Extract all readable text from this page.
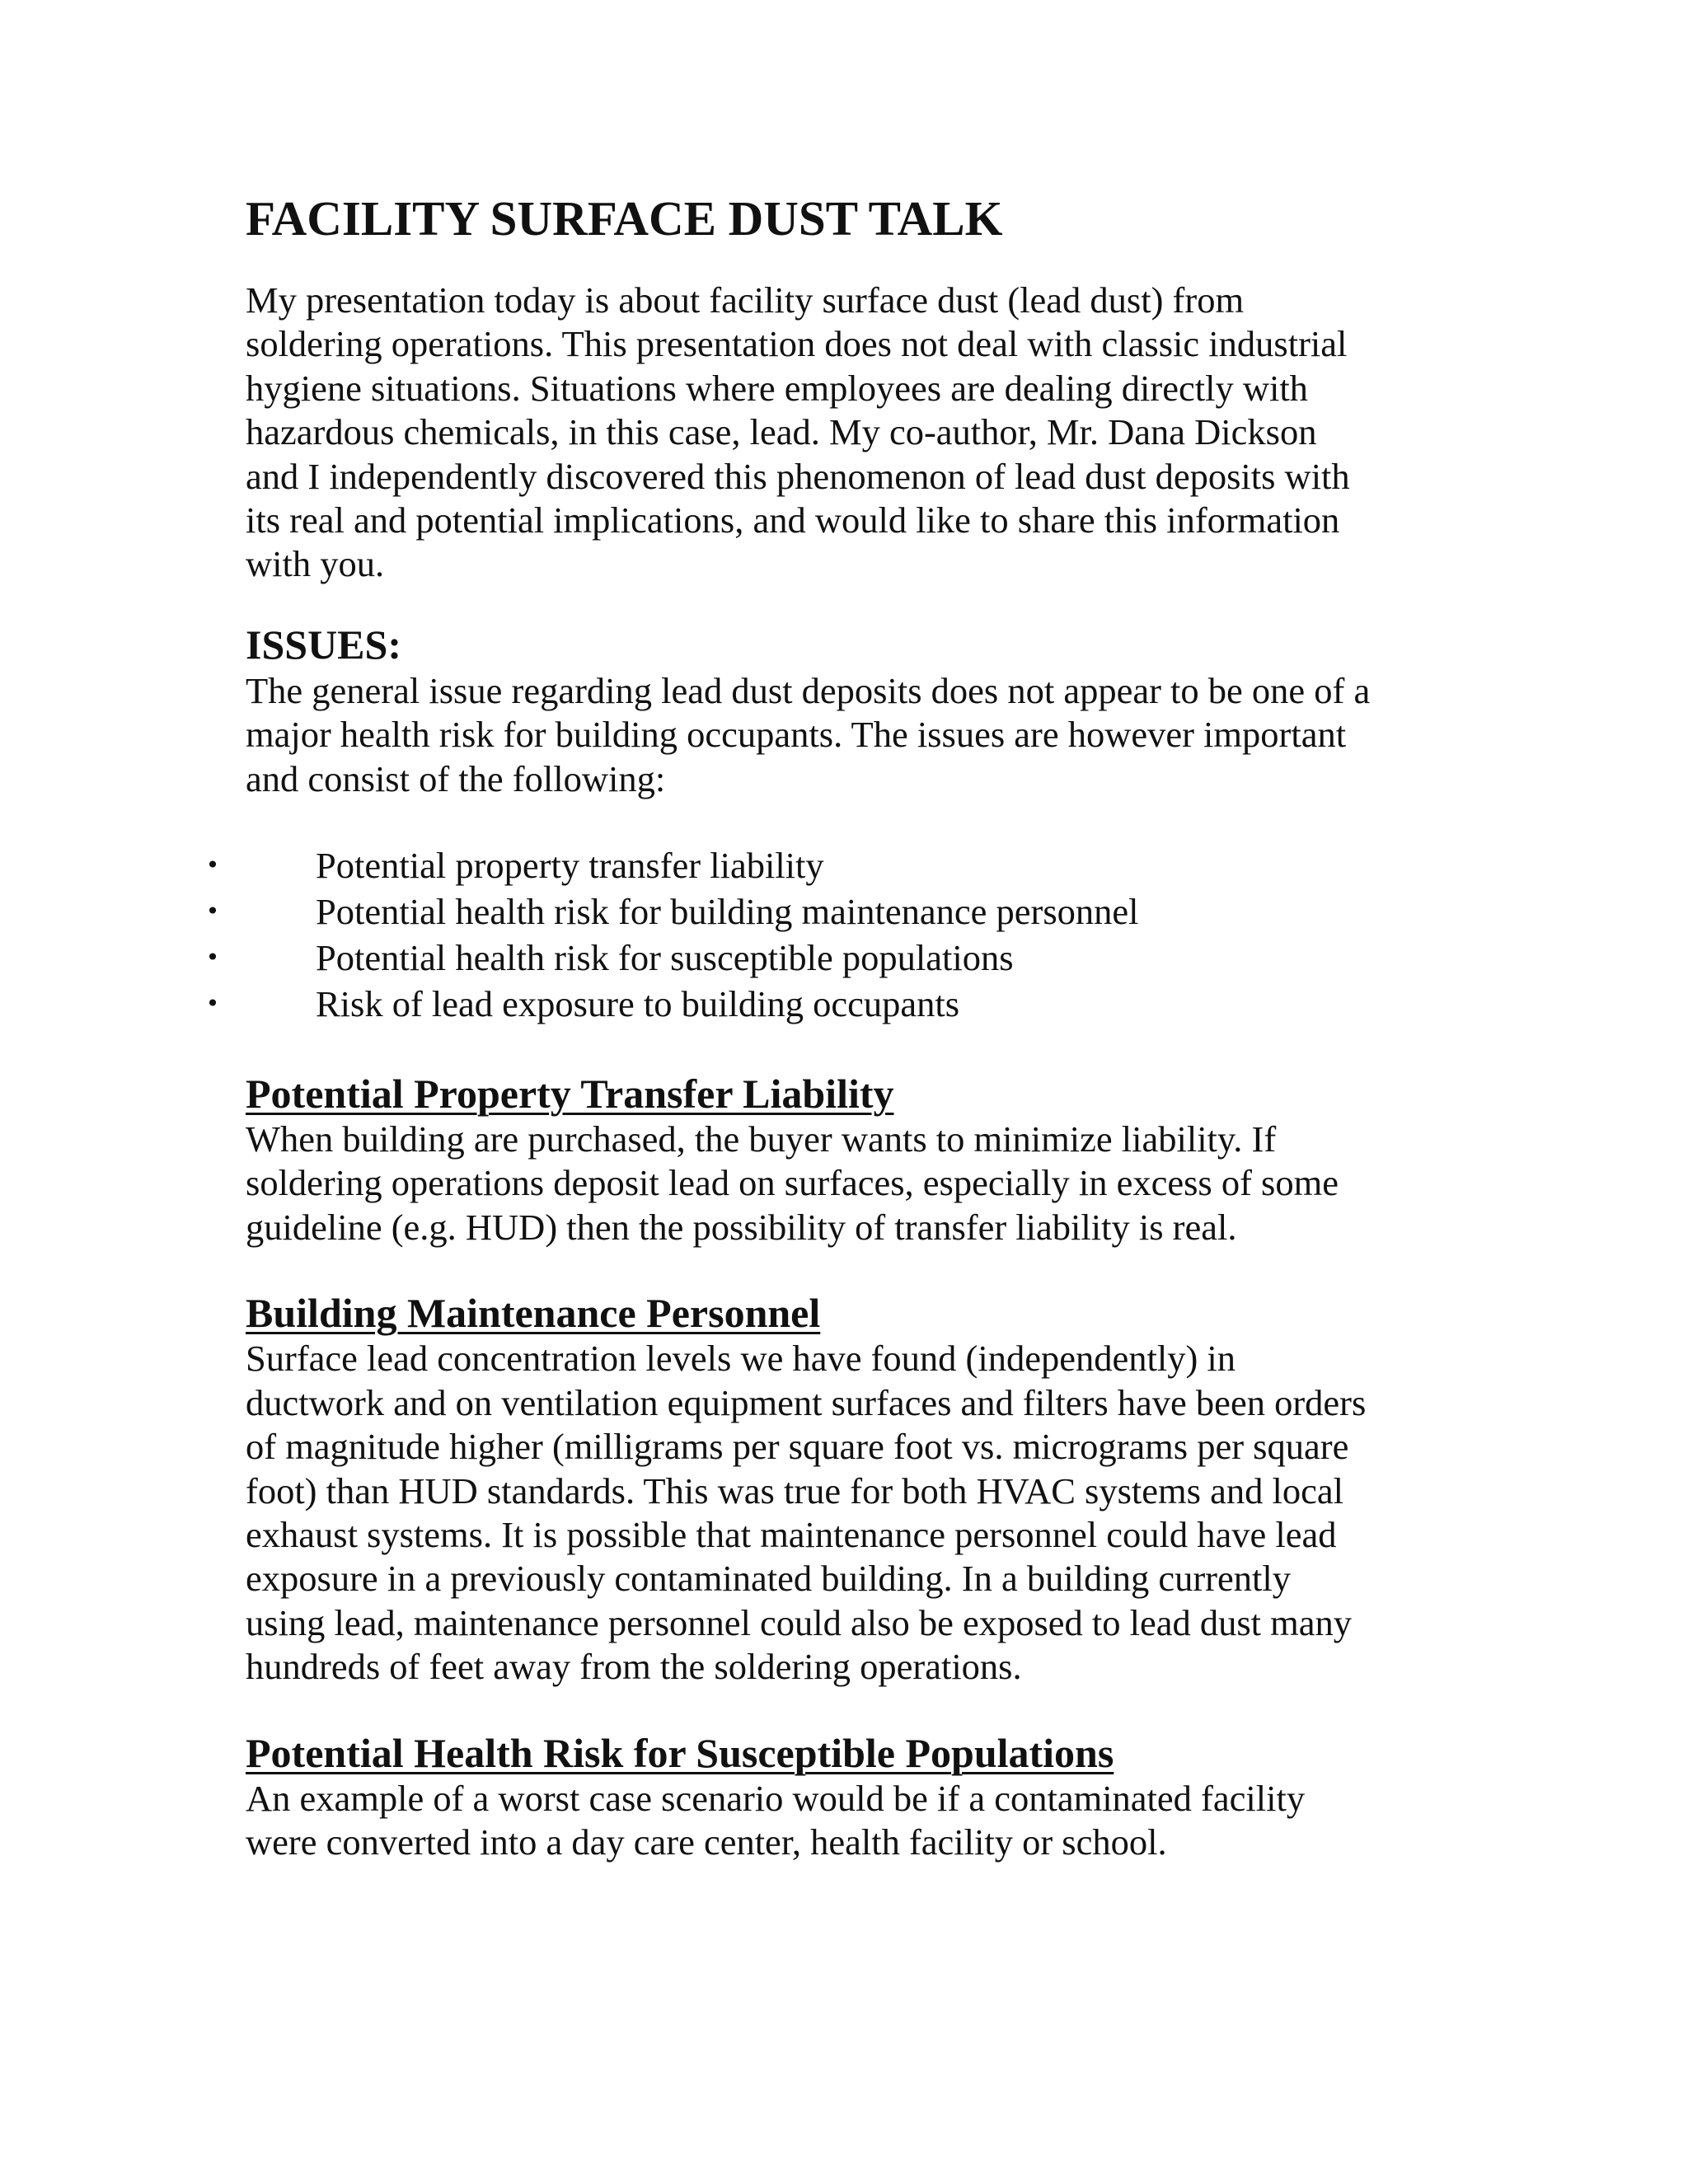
FACILITY SURFACE DUST TALK

My presentation today is about facility surface dust (lead dust) from

soldering operations. This presentation does not deal with classic industrial

hygiene situations. Situations where employees are dealing directly with

hazardous chemicals, in this case, lead. My co-author, Mr. Dana Dickson

and I independently discovered this phenomenon of lead dust deposits with

its real and potential implications, and would like to share this information

with you.

ISSUES:

The general issue regarding lead dust deposits does not appear to be one of a

major health risk for building occupants. The issues are however important

and consist of the following:

•	Potential property transfer liability
•	Potential health risk for building maintenance personnel
•	Potential health risk for susceptible populations
•	Risk of lead exposure to building occupants
Potential Property Transfer Liability

When building are purchased, the buyer wants to minimize liability. If

soldering operations deposit lead on surfaces, especially in excess of some

guideline (e.g. HUD) then the possibility of transfer liability is real.

Building Maintenance Personnel

Surface lead concentration levels we have found (independently) in

ductwork and on ventilation equipment surfaces and filters have been orders

of magnitude higher (milligrams per square foot vs. micrograms per square

foot) than HUD standards. This was true for both HVAC systems and local

exhaust systems. It is possible that maintenance personnel could have lead

exposure in a previously contaminated building. In a building currently

using lead, maintenance personnel could also be exposed to lead dust many

hundreds of feet away from the soldering operations.

Potential Health Risk for Susceptible Populations

An example of a worst case scenario would be if a contaminated facility

were converted into a day care center, health facility or school.
